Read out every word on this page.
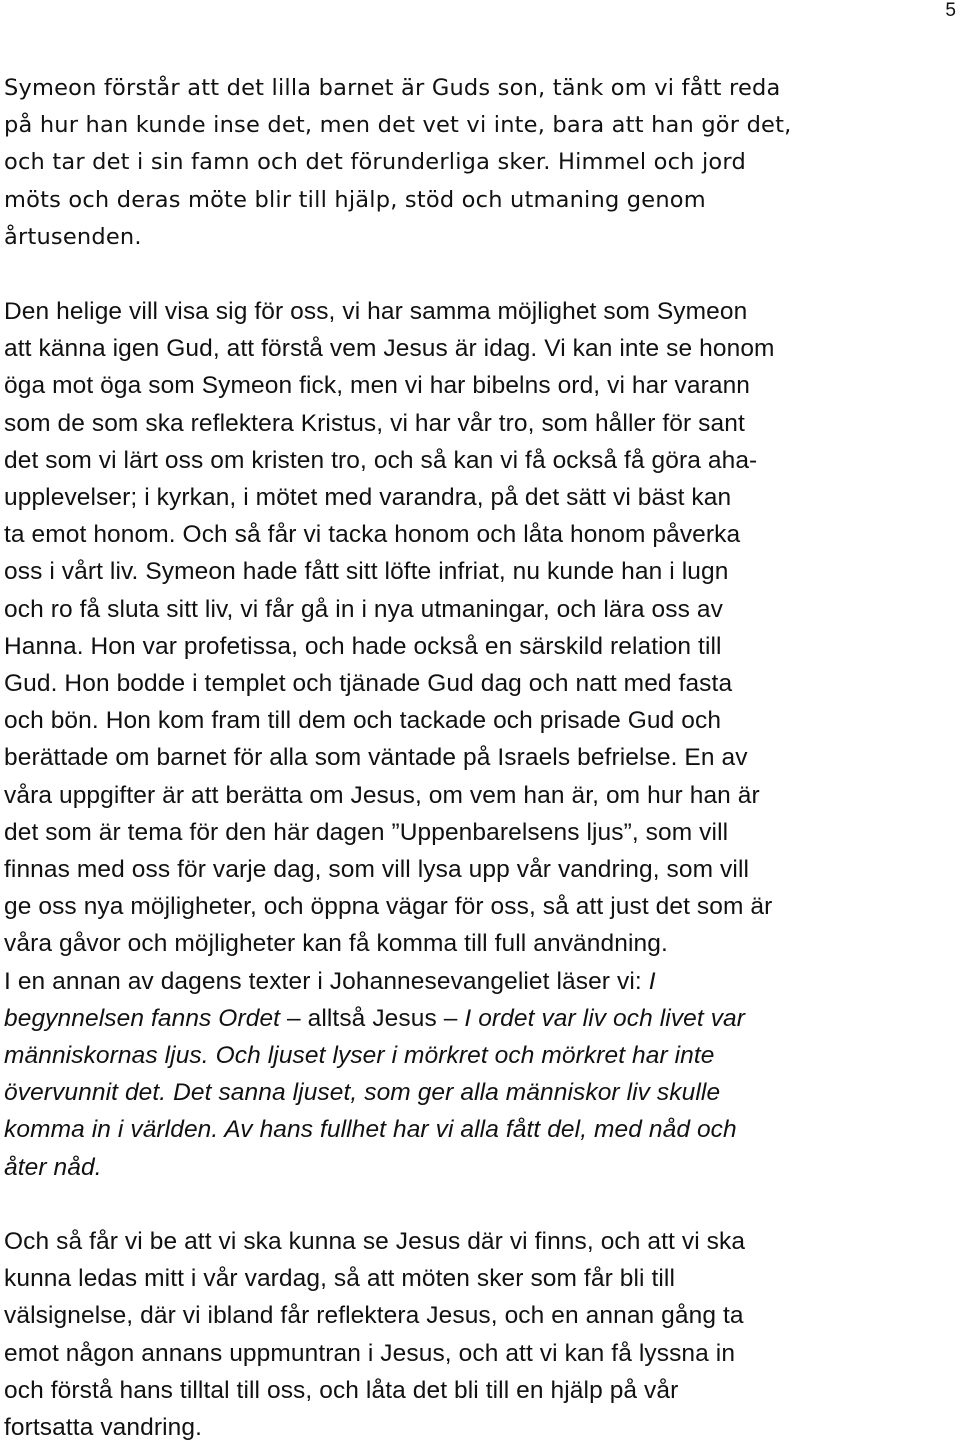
5

Symeon förstår att det lilla barnet är Guds son, tänk om vi fått reda
på hur han kunde inse det, men det vet vi inte, bara att han gör det,
och tar det i sin famn och det förunderliga sker. Himmel och jord
möts och deras möte blir till hjälp, stöd och utmaning genom
årtusenden.

Den helige vill visa sig för oss, vi har samma möjlighet som Symeon
att känna igen Gud, att förstå vem Jesus är idag. Vi kan inte se honom
öga mot öga som Symeon fick, men vi har bibelns ord, vi har varann
som de som ska reflektera Kristus, vi har vår tro, som håller för sant
det som vi lärt oss om kristen tro, och så kan vi få också få göra aha-
upplevelser; i kyrkan, i mötet med varandra, på det sätt vi bäst kan
ta emot honom. Och så får vi tacka honom och låta honom påverka
oss i vårt liv. Symeon hade fått sitt löfte infriat, nu kunde han i lugn
och ro få sluta sitt liv, vi får gå in i nya utmaningar, och lära oss av
Hanna. Hon var profetissa, och hade också en särskild relation till
Gud. Hon bodde i templet och tjänade Gud dag och natt med fasta
och bön. Hon kom fram till dem och tackade och prisade Gud och
berättade om barnet för alla som väntade på Israels befrielse. En av
våra uppgifter är att berätta om Jesus, om vem han är, om hur han är
det som är tema för den här dagen ”Uppenbarelsens ljus”, som vill
finnas med oss för varje dag, som vill lysa upp vår vandring, som vill
ge oss nya möjligheter, och öppna vägar för oss, så att just det som är
våra gåvor och möjligheter kan få komma till full användning.

I en annan av dagens texter i Johannesevangeliet läser vi: I
begynnelsen fanns Ordet – alltså Jesus – I ordet var liv och livet var
människornas ljus. Och ljuset lyser i mörkret och mörkret har inte
övervunnit det. Det sanna ljuset, som ger alla människor liv skulle
komma in i världen. Av hans fullhet har vi alla fått del, med nåd och
åter nåd.

Och så får vi be att vi ska kunna se Jesus där vi finns, och att vi ska
kunna ledas mitt i vår vardag, så att möten sker som får bli till
välsignelse, där vi ibland får reflektera Jesus, och en annan gång ta
emot någon annans uppmuntran i Jesus, och att vi kan få lyssna in
och förstå hans tilltal till oss, och låta det bli till en hjälp på vår
fortsatta vandring.
